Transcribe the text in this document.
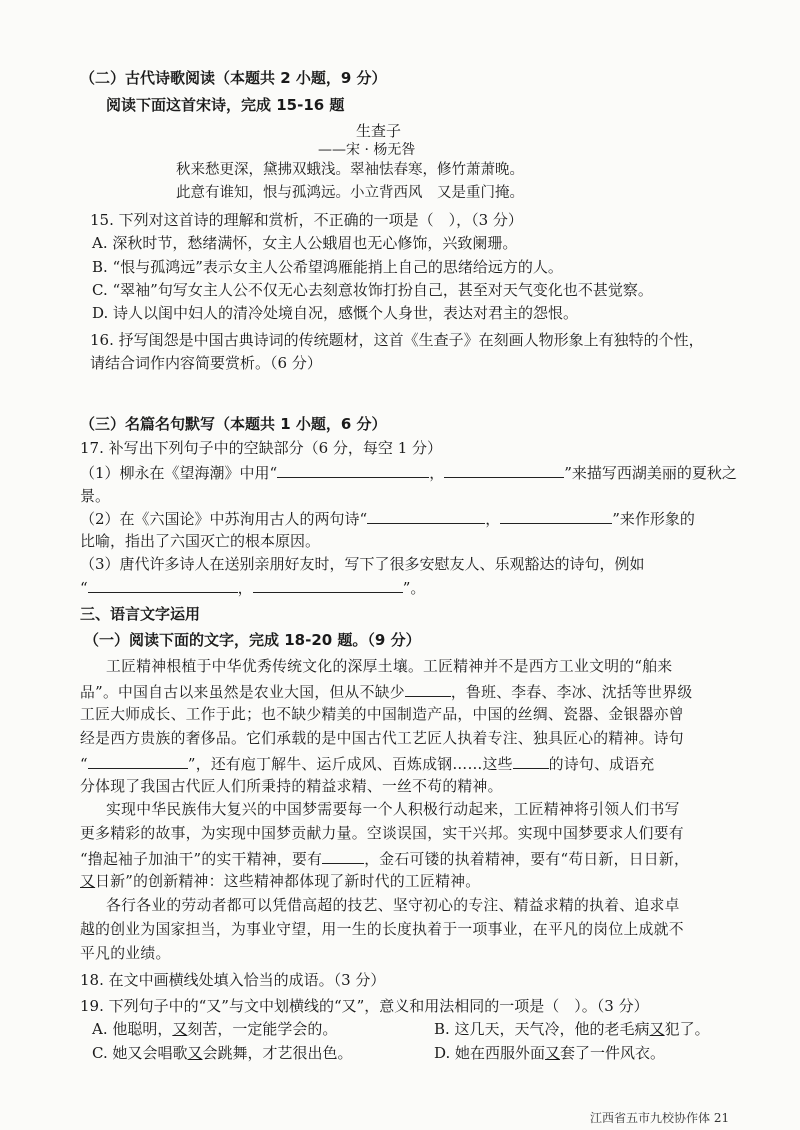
（二）古代诗歌阅读（本题共 2 小题，9 分）
阅读下面这首宋诗，完成 15-16 题
生查子
——宋 · 杨无咎
秋来愁更深，黛拂双蛾浅。翠袖怯春寒，修竹萧萧晚。
此意有谁知，恨与孤鸿远。小立背西风　又是重门掩。
15. 下列对这首诗的理解和赏析，不正确的一项是（　），（3 分）
A. 深秋时节，愁绪满怀，女主人公蛾眉也无心修饰，兴致阑珊。
B. “恨与孤鸿远”表示女主人公希望鸿雁能捎上自己的思绪给远方的人。
C. “翠袖”句写女主人公不仅无心去刻意妆饰打扮自己，甚至对天气变化也不甚觉察。
D. 诗人以闺中妇人的清冷处境自况，感慨个人身世，表达对君主的怨恨。
16. 抒写闺怨是中国古典诗词的传统题材，这首《生查子》在刻画人物形象上有独特的个性，
请结合词作内容简要赏析。（6 分）
（三）名篇名句默写（本题共 1 小题，6 分）
17. 补写出下列句子中的空缺部分（6 分，每空 1 分）
（1）柳永在《望海潮》中用“	，	”来描写西湖美丽的夏秋之
景。
（2）在《六国论》中苏洵用古人的两句诗“	，	”来作形象的
比喻，指出了六国灭亡的根本原因。
（3）唐代许多诗人在送别亲朋好友时，写下了很多安慰友人、乐观豁达的诗句，例如
“	，	”。
三、语言文字运用
（一）阅读下面的文字，完成 18-20 题。（9 分）
工匠精神根植于中华优秀传统文化的深厚土壤。工匠精神并不是西方工业文明的“舶来
品”。中国自古以来虽然是农业大国，但从不缺少	，鲁班、李春、李冰、沈括等世界级
工匠大师成长、工作于此；也不缺少精美的中国制造产品，中国的丝绸、瓷器、金银器亦曾
经是西方贵族的奢侈品。它们承载的是中国古代工艺匠人执着专注、独具匠心的精神。诗句
“	”，还有庖丁解牛、运斤成风、百炼成钢……这些 的诗句、成语充
分体现了我国古代匠人们所秉持的精益求精、一丝不苟的精神。
实现中华民族伟大复兴的中国梦需要每一个人积极行动起来，工匠精神将引领人们书写
更多精彩的故事，为实现中国梦贡献力量。空谈误国，实干兴邦。实现中国梦要求人们要有
“撸起袖子加油干”的实干精神，要有	，金石可镂的执着精神，要有“苟日新，日日新，
又日新”的创新精神：这些精神都体现了新时代的工匠精神。
各行各业的劳动者都可以凭借高超的技艺、坚守初心的专注、精益求精的执着、追求卓
越的创业为国家担当，为事业守望，用一生的长度执着于一项事业，在平凡的岗位上成就不
平凡的业绩。
18. 在文中画横线处填入恰当的成语。（3 分）
19. 下列句子中的“又”与文中划横线的“又”，意义和用法相同的一项是（　）。（3 分）
A. 他聪明，又刻苦，一定能学会的。	B. 这几天，天气冷，他的老毛病又犯了。
C. 她又会唱歌又会跳舞，才艺很出色。	D. 她在西服外面又套了一件风衣。
江西省五市九校协作体 21
